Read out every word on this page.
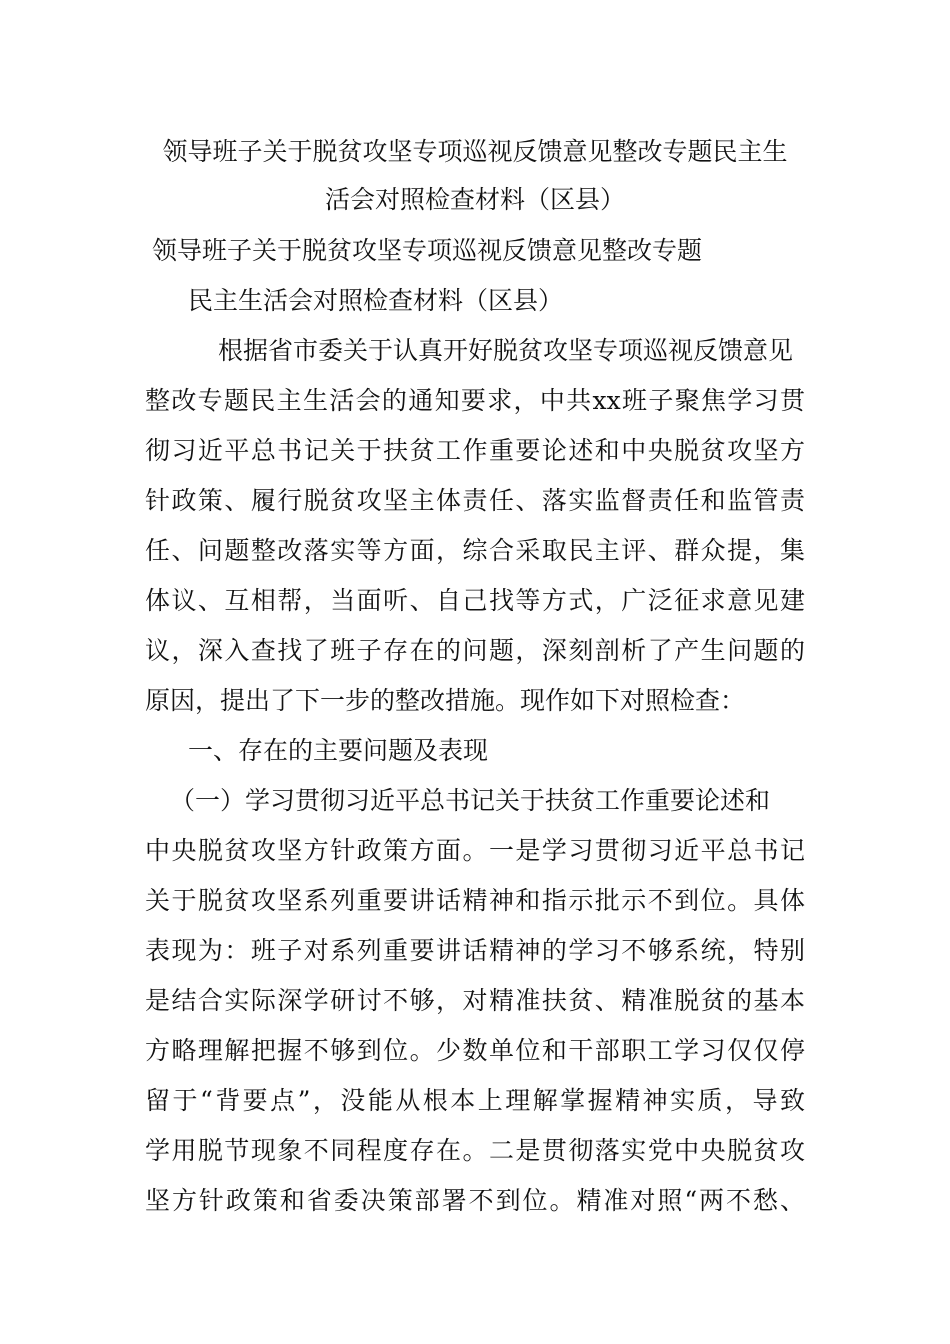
领导班子关于脱贫攻坚专项巡视反馈意见整改专题民主生
活会对照检查材料（区县）
领导班子关于脱贫攻坚专项巡视反馈意见整改专题
民主生活会对照检查材料（区县）
根据省市委关于认真开好脱贫攻坚专项巡视反馈意见
整改专题民主生活会的通知要求，中共xx班子聚焦学习贯
彻习近平总书记关于扶贫工作重要论述和中央脱贫攻坚方
针政策、履行脱贫攻坚主体责任、落实监督责任和监管责
任、问题整改落实等方面，综合采取民主评、群众提，集
体议、互相帮，当面听、自己找等方式，广泛征求意见建
议，深入查找了班子存在的问题，深刻剖析了产生问题的
原因，提出了下一步的整改措施。现作如下对照检查：
一、存在的主要问题及表现
（一）学习贯彻习近平总书记关于扶贫工作重要论述和
中央脱贫攻坚方针政策方面。一是学习贯彻习近平总书记
关于脱贫攻坚系列重要讲话精神和指示批示不到位。具体
表现为：班子对系列重要讲话精神的学习不够系统，特别
是结合实际深学研讨不够，对精准扶贫、精准脱贫的基本
方略理解把握不够到位。少数单位和干部职工学习仅仅停
留于“背要点”，没能从根本上理解掌握精神实质，导致
学用脱节现象不同程度存在。二是贯彻落实党中央脱贫攻
坚方针政策和省委决策部署不到位。精准对照“两不愁、
